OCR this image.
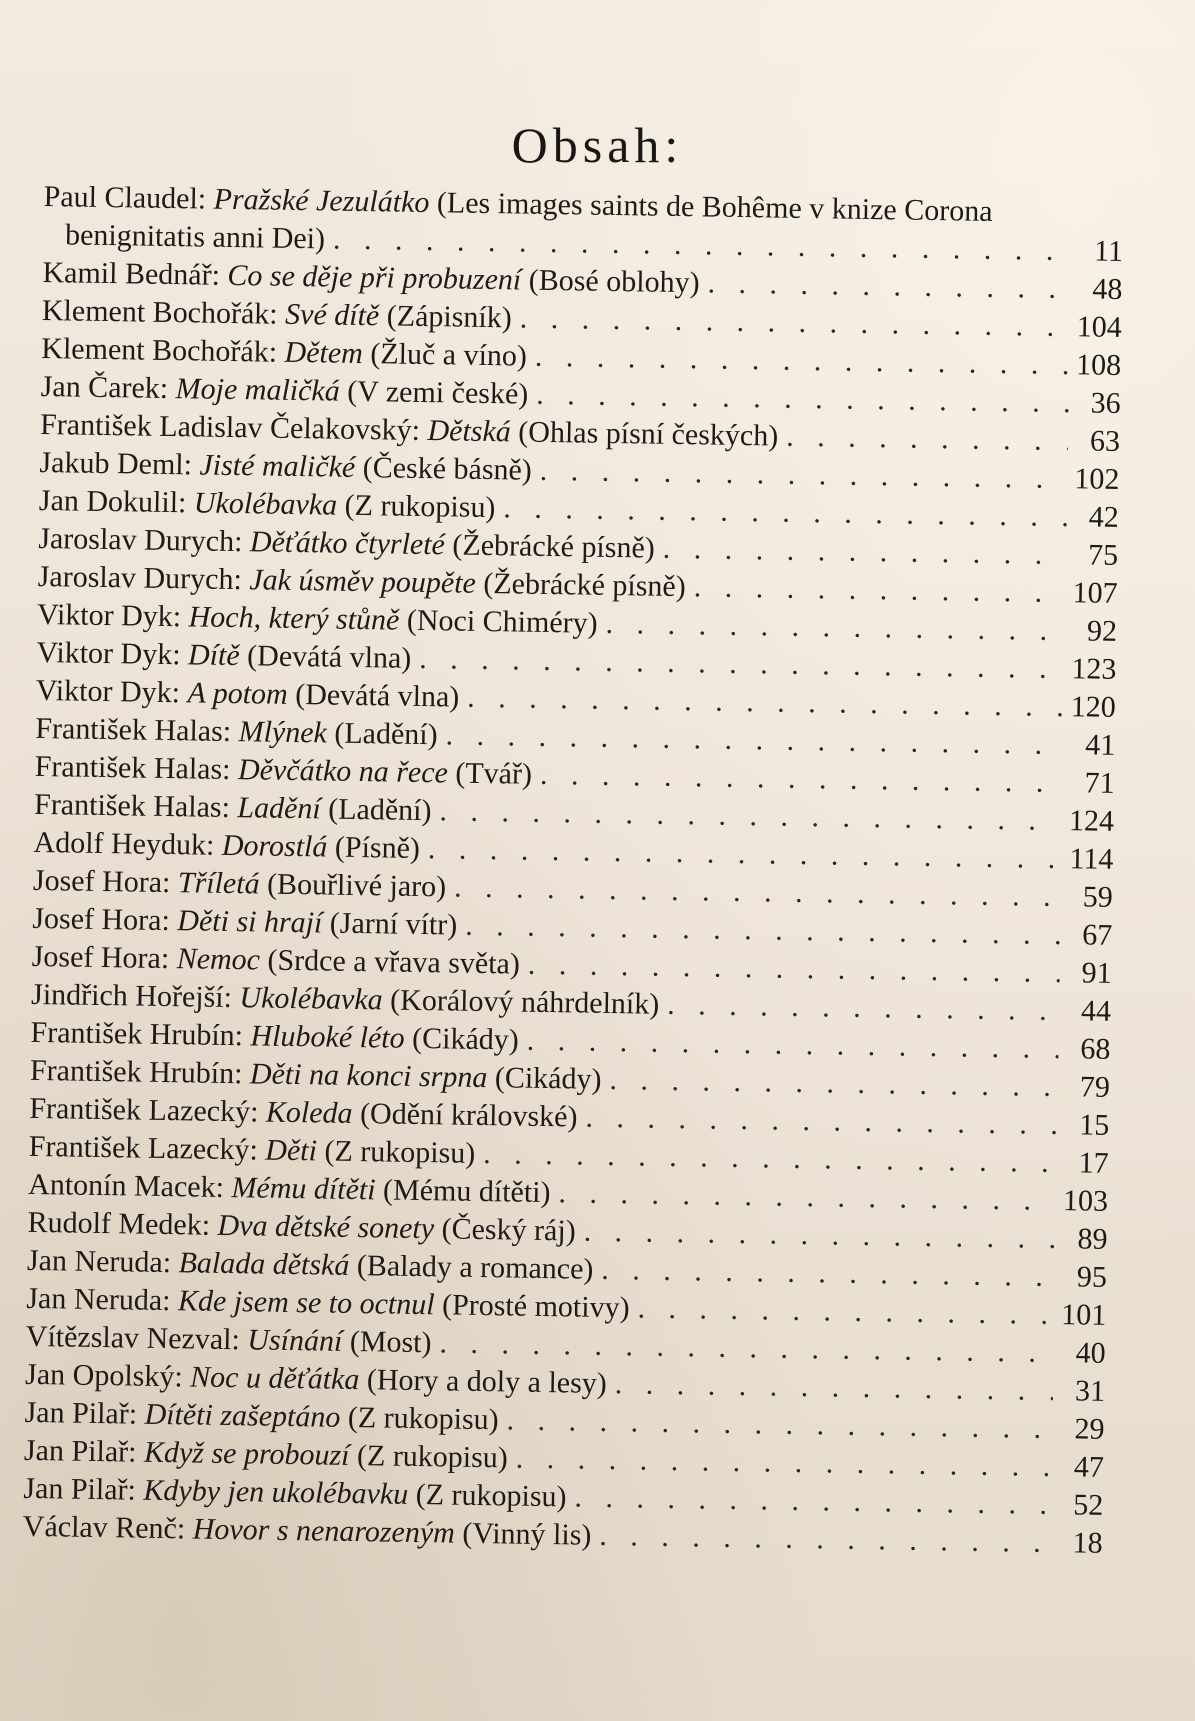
Obsah:
Paul Claudel: Pražské Jezulátko (Les images saints de Bohême v knize Corona
benignitatis anni Dei) . . .	11
Kamil Bednář: Co se děje při probuzení (Bosé oblohy) . . .	48
Klement Bochořák: Své dítě (Zápisník) . . .	104
Klement Bochořák: Dětem (Žluč a víno) . . .	108
Jan Čarek: Moje maličká (V zemi české) . . .	36
František Ladislav Čelakovský: Dětská (Ohlas písní českých) . . .	63
Jakub Deml: Jisté maličké (České básně) . . .	102
Jan Dokulil: Ukolébavka (Z rukopisu) . . .	42
Jaroslav Durych: Děťátko čtyrleté (Žebrácké písně) . . .	75
Jaroslav Durych: Jak úsměv poupěte (Žebrácké písně) . . .	107
Viktor Dyk: Hoch, který stůně (Noci Chiméry) . . .	92
Viktor Dyk: Dítě (Devátá vlna) . . .	123
Viktor Dyk: A potom (Devátá vlna) . . .	120
František Halas: Mlýnek (Ladění) . . .	41
František Halas: Děvčátko na řece (Tvář) . . .	71
František Halas: Ladění (Ladění) . . .	124
Adolf Heyduk: Dorostlá (Písně) . . .	114
Josef Hora: Tříletá (Bouřlivé jaro) . . .	59
Josef Hora: Děti si hrají (Jarní vítr) . . .	67
Josef Hora: Nemoc (Srdce a vřava světa) . . .	91
Jindřich Hořejší: Ukolébavka (Korálový náhrdelník) . . .	44
František Hrubín: Hluboké léto (Cikády) . . .	68
František Hrubín: Děti na konci srpna (Cikády) . . .	79
František Lazecký: Koleda (Odění královské) . . .	15
František Lazecký: Děti (Z rukopisu) . . .	17
Antonín Macek: Mému dítěti (Mému dítěti) . . .	103
Rudolf Medek: Dva dětské sonety (Český ráj) . . .	89
Jan Neruda: Balada dětská (Balady a romance) . . .	95
Jan Neruda: Kde jsem se to octnul (Prosté motivy) . . .	101
Vítězslav Nezval: Usínání (Most) . . .	40
Jan Opolský: Noc u děťátka (Hory a doly a lesy) . . .	31
Jan Pilař: Dítěti zašeptáno (Z rukopisu) . . .	29
Jan Pilař: Když se probouzí (Z rukopisu) . . .	47
Jan Pilař: Kdyby jen ukolébavku (Z rukopisu) . . .	52
Václav Renč: Hovor s nenarozeným (Vinný lis) . . .	18
